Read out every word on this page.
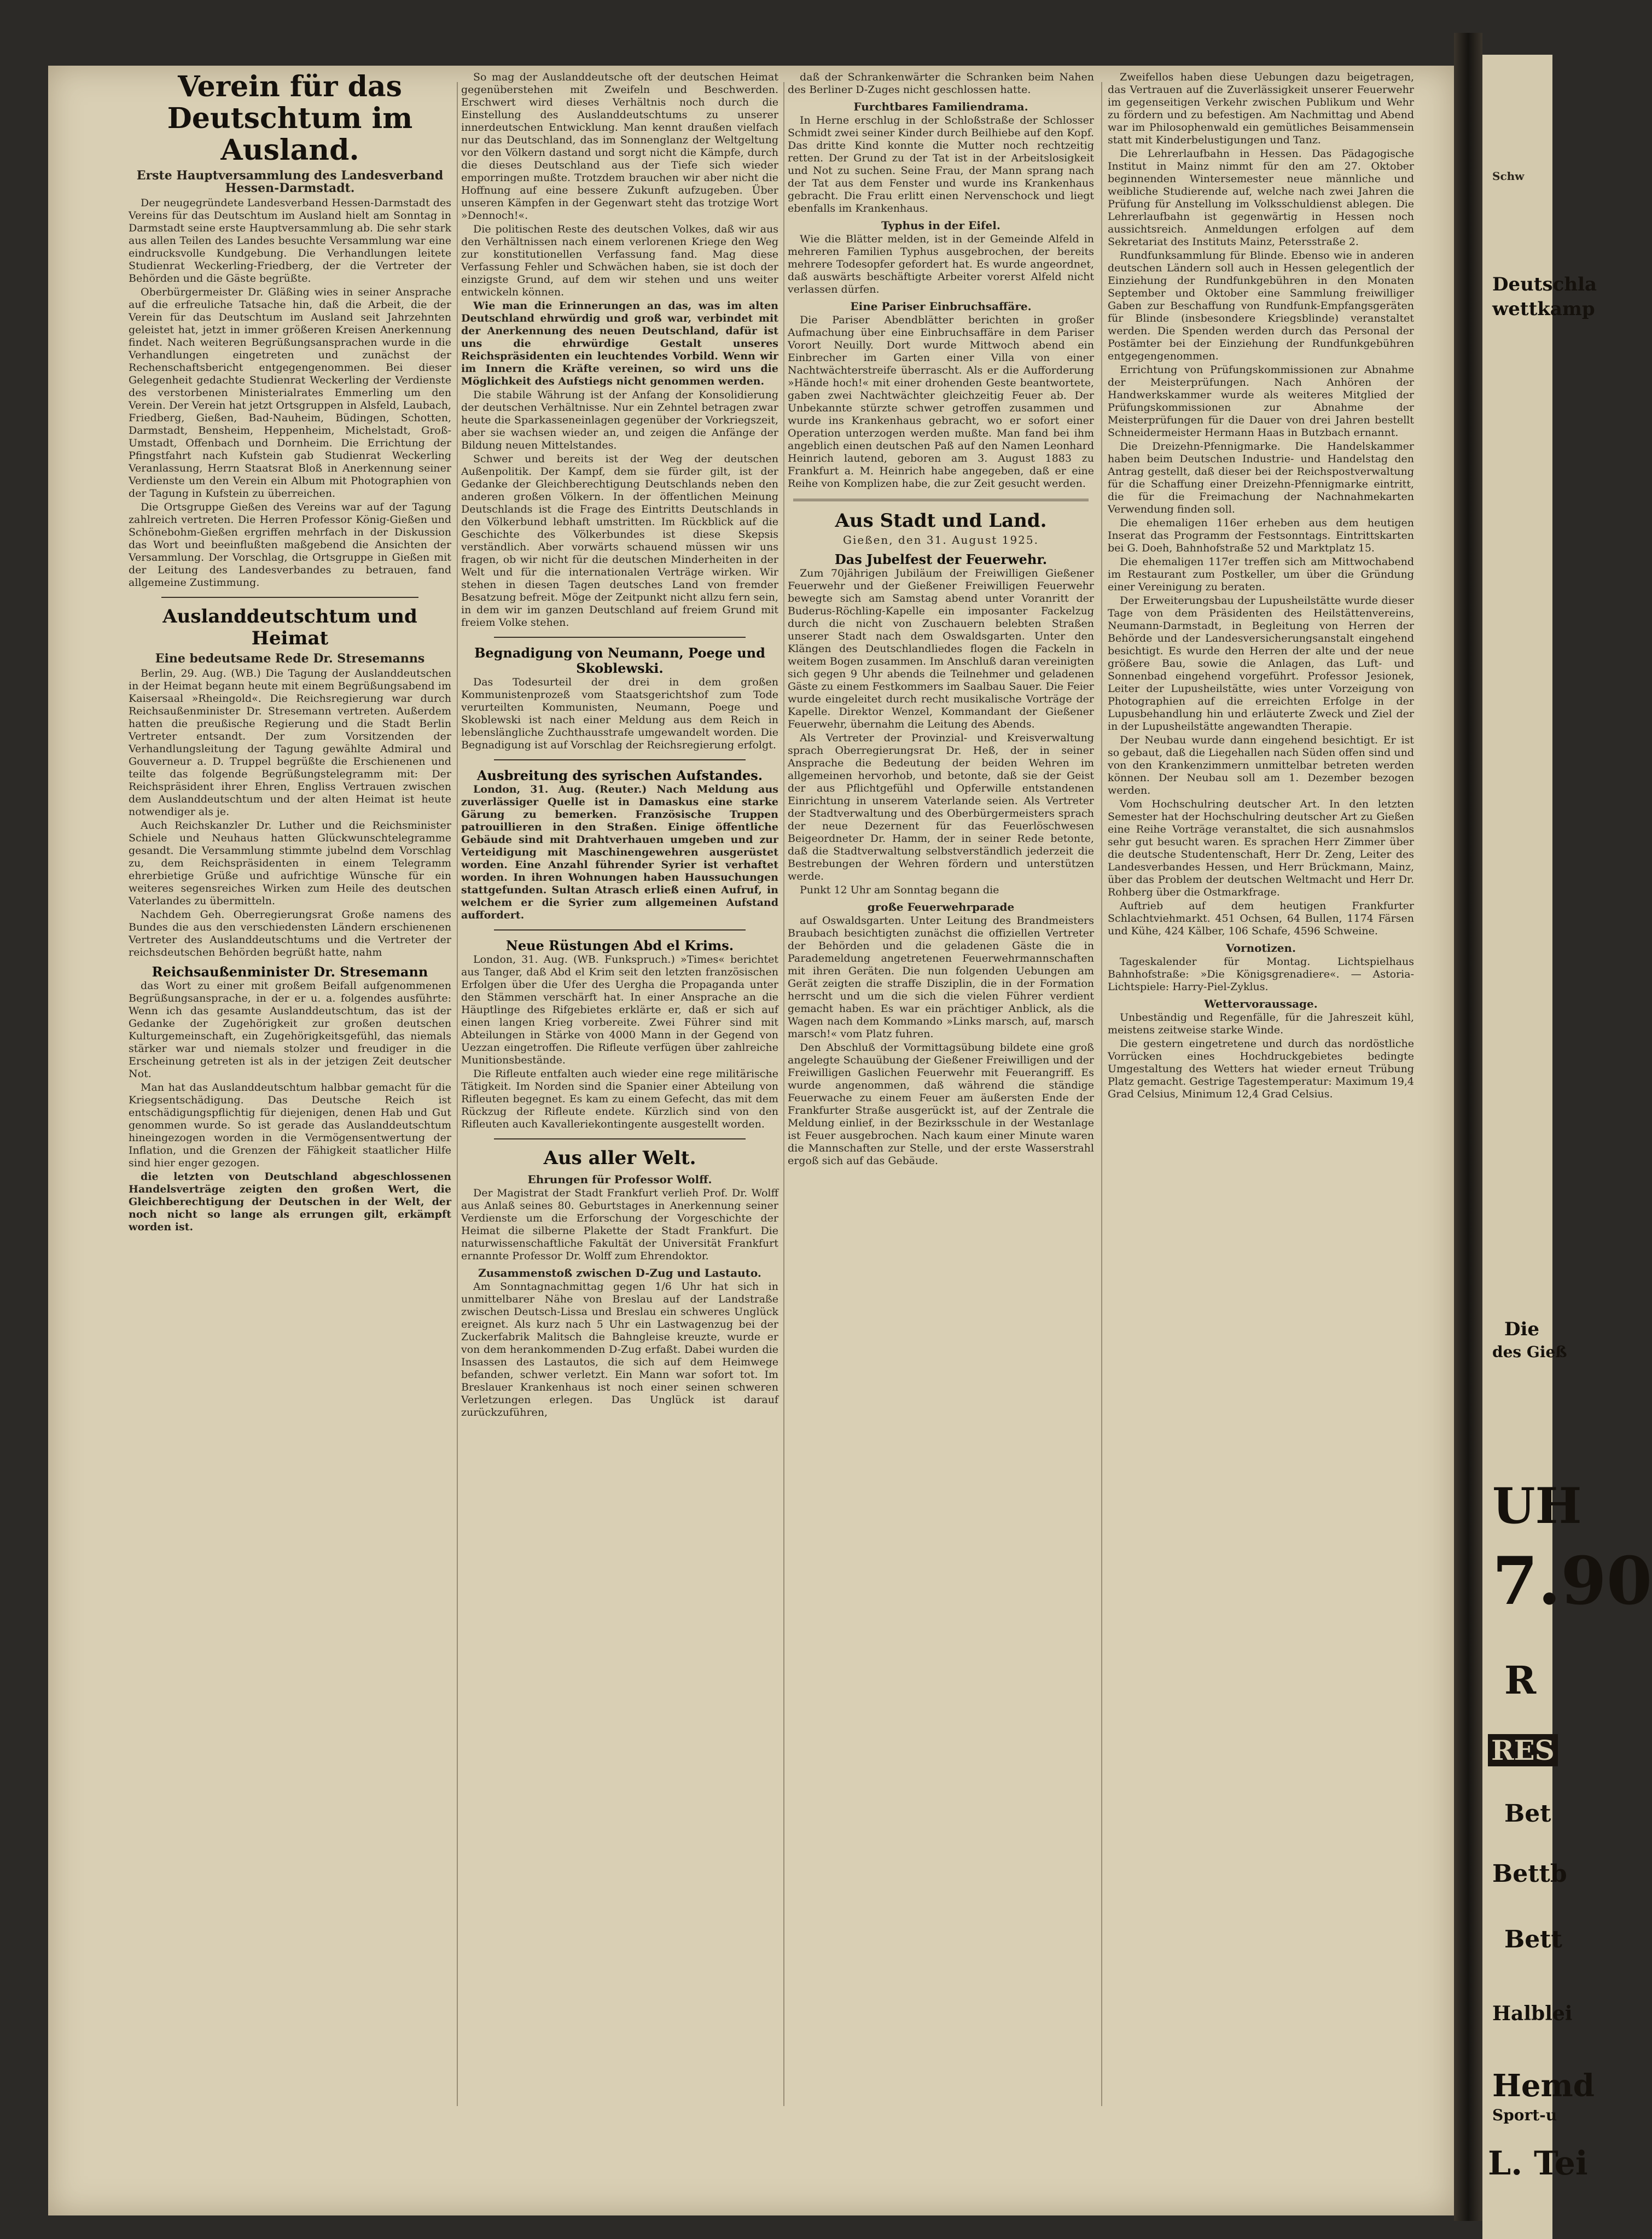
Verein für das Deutschtum im Ausland.
Erste Hauptversammlung des Landesverband Hessen-Darmstadt.

Der neugegründete Landesverband Hessen-Darmstadt des Vereins für das Deutschtum im Ausland hielt am Sonntag in Darmstadt seine erste Hauptversammlung ab. Die sehr stark aus allen Teilen des Landes besuchte Versammlung war eine eindrucksvolle Kundgebung. Die Verhandlungen leitete Studienrat Weckerling-Friedberg, der die Vertreter der Behörden und die Gäste begrüßte.

Oberbürgermeister Dr. Gläßing wies in seiner Ansprache auf die erfreuliche Tatsache hin, daß die Arbeit, die der Verein für das Deutschtum im Ausland seit Jahrzehnten geleistet hat, jetzt in immer größeren Kreisen Anerkennung findet. Nach weiteren Begrüßungsansprachen wurde in die Verhandlungen eingetreten und zunächst der Rechenschaftsbericht entgegengenommen. Bei dieser Gelegenheit gedachte Studienrat Weckerling der Verdienste des verstorbenen Ministerialrates Emmerling um den Verein. Der Verein hat jetzt Ortsgruppen in Alsfeld, Laubach, Friedberg, Gießen, Bad-Nauheim, Büdingen, Schotten, Darmstadt, Bensheim, Heppenheim, Michelstadt, Groß-Umstadt, Offenbach und Dornheim. Die Errichtung der Pfingstfahrt nach Kufstein gab Studienrat Weckerling Veranlassung, Herrn Staatsrat Bloß in Anerkennung seiner Verdienste um den Verein ein Album mit Photographien von der Tagung in Kufstein zu überreichen.

Die Ortsgruppe Gießen des Vereins war auf der Tagung zahlreich vertreten. Die Herren Professor König-Gießen und Schönebohm-Gießen ergriffen mehrfach in der Diskussion das Wort und beeinflußten maßgebend die Ansichten der Versammlung. Der Vorschlag, die Ortsgruppe in Gießen mit der Leitung des Landesverbandes zu betrauen, fand allgemeine Zustimmung.

Auslanddeutschtum und Heimat
Eine bedeutsame Rede Dr. Stresemanns

Berlin, 29. Aug. (WB.) Die Tagung der Auslanddeutschen in der Heimat begann heute mit einem Begrüßungsabend im Kaisersaal »Rheingold«. Die Reichsregierung war durch Reichsaußenminister Dr. Stresemann vertreten. Außerdem hatten die preußische Regierung und die Stadt Berlin Vertreter entsandt. Der zum Vorsitzenden der Verhandlungsleitung der Tagung gewählte Admiral und Gouverneur a. D. Truppel begrüßte die Erschienenen und teilte das folgende Begrüßungstelegramm mit: Der Reichspräsident ihrer Ehren, Engliss Vertrauen zwischen dem Auslanddeutschtum und der alten Heimat ist heute notwendiger als je.

Auch Reichskanzler Dr. Luther und die Reichsminister Schiele und Neuhaus hatten Glückwunschtelegramme gesandt. Die Versammlung stimmte jubelnd dem Vorschlag zu, dem Reichspräsidenten in einem Telegramm ehrerbietige Grüße und aufrichtige Wünsche für ein weiteres segensreiches Wirken zum Heile des deutschen Vaterlandes zu übermitteln.

Nachdem Geh. Oberregierungsrat Große namens des Bundes die aus den verschiedensten Ländern erschienenen Vertreter des Auslanddeutschtums und die Vertreter der reichsdeutschen Behörden begrüßt hatte, nahm

Reichsaußenminister Dr. Stresemann

das Wort zu einer mit großem Beifall aufgenommenen Begrüßungsansprache, in der er u. a. folgendes ausführte: Wenn ich das gesamte Auslanddeutschtum, das ist der Gedanke der Zugehörigkeit zur großen deutschen Kulturgemeinschaft, ein Zugehörigkeitsgefühl, das niemals stärker war und niemals stolzer und freudiger in die Erscheinung getreten ist als in der jetzigen Zeit deutscher Not.

Man hat das Auslanddeutschtum halbbar gemacht für die Kriegsentschädigung. Das Deutsche Reich ist entschädigungspflichtig für diejenigen, denen Hab und Gut genommen wurde. So ist gerade das Auslanddeutschtum hineingezogen worden in die Vermögensentwertung der Inflation, und die Grenzen der Fähigkeit staatlicher Hilfe sind hier enger gezogen.

die letzten von Deutschland abgeschlossenen Handelsverträge zeigten den großen Wert, die Gleichberechtigung der Deutschen in der Welt, der noch nicht so lange als errungen gilt, erkämpft worden ist.

So mag der Auslanddeutsche oft der deutschen Heimat gegenüberstehen mit Zweifeln und Beschwerden. Erschwert wird dieses Verhältnis noch durch die Einstellung des Auslanddeutschtums zu unserer innerdeutschen Entwicklung. Man kennt draußen vielfach nur das Deutschland, das im Sonnenglanz der Weltgeltung vor den Völkern dastand und sorgt nicht die Kämpfe, durch die dieses Deutschland aus der Tiefe sich wieder emporringen mußte. Trotzdem brauchen wir aber nicht die Hoffnung auf eine bessere Zukunft aufzugeben. Über unseren Kämpfen in der Gegenwart steht das trotzige Wort »Dennoch!«.

Die politischen Reste des deutschen Volkes, daß wir aus den Verhältnissen nach einem verlorenen Kriege den Weg zur konstitutionellen Verfassung fand. Mag diese Verfassung Fehler und Schwächen haben, sie ist doch der einzigste Grund, auf dem wir stehen und uns weiter entwickeln können.

Wie man die Erinnerungen an das, was im alten Deutschland ehrwürdig und groß war, verbindet mit der Anerkennung des neuen Deutschland, dafür ist uns die ehrwürdige Gestalt unseres Reichspräsidenten ein leuchtendes Vorbild. Wenn wir im Innern die Kräfte vereinen, so wird uns die Möglichkeit des Aufstiegs nicht genommen werden.

Die stabile Währung ist der Anfang der Konsolidierung der deutschen Verhältnisse. Nur ein Zehntel betragen zwar heute die Sparkasseneinlagen gegenüber der Vorkriegszeit, aber sie wachsen wieder an, und zeigen die Anfänge der Bildung neuen Mittelstandes.

Schwer und bereits ist der Weg der deutschen Außenpolitik. Der Kampf, dem sie fürder gilt, ist der Gedanke der Gleichberechtigung Deutschlands neben den anderen großen Völkern. In der öffentlichen Meinung Deutschlands ist die Frage des Eintritts Deutschlands in den Völkerbund lebhaft umstritten. Im Rückblick auf die Geschichte des Völkerbundes ist diese Skepsis verständlich. Aber vorwärts schauend müssen wir uns fragen, ob wir nicht für die deutschen Minderheiten in der Welt und für die internationalen Verträge wirken. Wir stehen in diesen Tagen deutsches Land von fremder Besatzung befreit. Möge der Zeitpunkt nicht allzu fern sein, in dem wir im ganzen Deutschland auf freiem Grund mit freiem Volke stehen.

Begnadigung von Neumann, Poege und Skoblewski.

Das Todesurteil der drei in dem großen Kommunistenprozeß vom Staatsgerichtshof zum Tode verurteilten Kommunisten, Neumann, Poege und Skoblewski ist nach einer Meldung aus dem Reich in lebenslängliche Zuchthausstrafe umgewandelt worden. Die Begnadigung ist auf Vorschlag der Reichsregierung erfolgt.

Ausbreitung des syrischen Aufstandes.

London, 31. Aug. (Reuter.) Nach Meldung aus zuverlässiger Quelle ist in Damaskus eine starke Gärung zu bemerken. Französische Truppen patrouillieren in den Straßen. Einige öffentliche Gebäude sind mit Drahtverhauen umgeben und zur Verteidigung mit Maschinengewehren ausgerüstet worden. Eine Anzahl führender Syrier ist verhaftet worden. In ihren Wohnungen haben Haussuchungen stattgefunden. Sultan Atrasch erließ einen Aufruf, in welchem er die Syrier zum allgemeinen Aufstand auffordert.

Neue Rüstungen Abd el Krims.

London, 31. Aug. (WB. Funkspruch.) »Times« berichtet aus Tanger, daß Abd el Krim seit den letzten französischen Erfolgen über die Ufer des Uergha die Propaganda unter den Stämmen verschärft hat. In einer Ansprache an die Häuptlinge des Rifgebietes erklärte er, daß er sich auf einen langen Krieg vorbereite. Zwei Führer sind mit Abteilungen in Stärke von 4000 Mann in der Gegend von Uezzan eingetroffen. Die Rifleute verfügen über zahlreiche Munitionsbestände.

Die Rifleute entfalten auch wieder eine rege militärische Tätigkeit. Im Norden sind die Spanier einer Abteilung von Rifleuten begegnet. Es kam zu einem Gefecht, das mit dem Rückzug der Rifleute endete. Kürzlich sind von den Rifleuten auch Kavalleriekontingente ausgestellt worden.

Aus aller Welt.
Ehrungen für Professor Wolff.

Der Magistrat der Stadt Frankfurt verlieh Prof. Dr. Wolff aus Anlaß seines 80. Geburtstages in Anerkennung seiner Verdienste um die Erforschung der Vorgeschichte der Heimat die silberne Plakette der Stadt Frankfurt. Die naturwissenschaftliche Fakultät der Universität Frankfurt ernannte Professor Dr. Wolff zum Ehrendoktor.

Zusammenstoß zwischen D-Zug und Lastauto.

Am Sonntagnachmittag gegen 1/6 Uhr hat sich in unmittelbarer Nähe von Breslau auf der Landstraße zwischen Deutsch-Lissa und Breslau ein schweres Unglück ereignet. Als kurz nach 5 Uhr ein Lastwagenzug bei der Zuckerfabrik Malitsch die Bahngleise kreuzte, wurde er von dem herankommenden D-Zug erfaßt. Dabei wurden die Insassen des Lastautos, die sich auf dem Heimwege befanden, schwer verletzt. Ein Mann war sofort tot. Im Breslauer Krankenhaus ist noch einer seinen schweren Verletzungen erlegen. Das Unglück ist darauf zurückzuführen,

daß der Schrankenwärter die Schranken beim Nahen des Berliner D-Zuges nicht geschlossen hatte.

Furchtbares Familiendrama.

In Herne erschlug in der Schloßstraße der Schlosser Schmidt zwei seiner Kinder durch Beilhiebe auf den Kopf. Das dritte Kind konnte die Mutter noch rechtzeitig retten. Der Grund zu der Tat ist in der Arbeitslosigkeit und Not zu suchen. Seine Frau, der Mann sprang nach der Tat aus dem Fenster und wurde ins Krankenhaus gebracht. Die Frau erlitt einen Nervenschock und liegt ebenfalls im Krankenhaus.

Typhus in der Eifel.

Wie die Blätter melden, ist in der Gemeinde Alfeld in mehreren Familien Typhus ausgebrochen, der bereits mehrere Todesopfer gefordert hat. Es wurde angeordnet, daß auswärts beschäftigte Arbeiter vorerst Alfeld nicht verlassen dürfen.

Eine Pariser Einbruchsaffäre.

Die Pariser Abendblätter berichten in großer Aufmachung über eine Einbruchsaffäre in dem Pariser Vorort Neuilly. Dort wurde Mittwoch abend ein Einbrecher im Garten einer Villa von einer Nachtwächterstreife überrascht. Als er die Aufforderung »Hände hoch!« mit einer drohenden Geste beantwortete, gaben zwei Nachtwächter gleichzeitig Feuer ab. Der Unbekannte stürzte schwer getroffen zusammen und wurde ins Krankenhaus gebracht, wo er sofort einer Operation unterzogen werden mußte. Man fand bei ihm angeblich einen deutschen Paß auf den Namen Leonhard Heinrich lautend, geboren am 3. August 1883 zu Frankfurt a. M. Heinrich habe angegeben, daß er eine Reihe von Komplizen habe, die zur Zeit gesucht werden.

Aus Stadt und Land.
Gießen, den 31. August 1925.
Das Jubelfest der Feuerwehr.

Zum 70jährigen Jubiläum der Freiwilligen Gießener Feuerwehr und der Gießener Freiwilligen Feuerwehr bewegte sich am Samstag abend unter Voranritt der Buderus-Röchling-Kapelle ein imposanter Fackelzug durch die nicht von Zuschauern belebten Straßen unserer Stadt nach dem Oswaldsgarten. Unter den Klängen des Deutschlandliedes flogen die Fackeln in weitem Bogen zusammen. Im Anschluß daran vereinigten sich gegen 9 Uhr abends die Teilnehmer und geladenen Gäste zu einem Festkommers im Saalbau Sauer. Die Feier wurde eingeleitet durch recht musikalische Vorträge der Kapelle. Direktor Wenzel, Kommandant der Gießener Feuerwehr, übernahm die Leitung des Abends.

Als Vertreter der Provinzial- und Kreisverwaltung sprach Oberregierungsrat Dr. Heß, der in seiner Ansprache die Bedeutung der beiden Wehren im allgemeinen hervorhob, und betonte, daß sie der Geist der aus Pflichtgefühl und Opferwille entstandenen Einrichtung in unserem Vaterlande seien. Als Vertreter der Stadtverwaltung und des Oberbürgermeisters sprach der neue Dezernent für das Feuerlöschwesen Beigeordneter Dr. Hamm, der in seiner Rede betonte, daß die Stadtverwaltung selbstverständlich jederzeit die Bestrebungen der Wehren fördern und unterstützen werde.

Punkt 12 Uhr am Sonntag begann die

große Feuerwehrparade

auf Oswaldsgarten. Unter Leitung des Brandmeisters Braubach besichtigten zunächst die offiziellen Vertreter der Behörden und die geladenen Gäste die in Parademeldung angetretenen Feuerwehrmannschaften mit ihren Geräten. Die nun folgenden Uebungen am Gerät zeigten die straffe Disziplin, die in der Formation herrscht und um die sich die vielen Führer verdient gemacht haben. Es war ein prächtiger Anblick, als die Wagen nach dem Kommando »Links marsch, auf, marsch marsch!« vom Platz fuhren.

Den Abschluß der Vormittagsübung bildete eine groß angelegte Schauübung der Gießener Freiwilligen und der Freiwilligen Gaslichen Feuerwehr mit Feuerangriff. Es wurde angenommen, daß während die ständige Feuerwache zu einem Feuer am äußersten Ende der Frankfurter Straße ausgerückt ist, auf der Zentrale die Meldung einlief, in der Bezirksschule in der Westanlage ist Feuer ausgebrochen. Nach kaum einer Minute waren die Mannschaften zur Stelle, und der erste Wasserstrahl ergoß sich auf das Gebäude.

Zweifellos haben diese Uebungen dazu beigetragen, das Vertrauen auf die Zuverlässigkeit unserer Feuerwehr im gegenseitigen Verkehr zwischen Publikum und Wehr zu fördern und zu befestigen. Am Nachmittag und Abend war im Philosophenwald ein gemütliches Beisammensein statt mit Kinderbelustigungen und Tanz.

Die Lehrerlaufbahn in Hessen. Das Pädagogische Institut in Mainz nimmt für den am 27. Oktober beginnenden Wintersemester neue männliche und weibliche Studierende auf, welche nach zwei Jahren die Prüfung für Anstellung im Volksschuldienst ablegen. Die Lehrerlaufbahn ist gegenwärtig in Hessen noch aussichtsreich. Anmeldungen erfolgen auf dem Sekretariat des Instituts Mainz, Petersstraße 2.

Rundfunksammlung für Blinde. Ebenso wie in anderen deutschen Ländern soll auch in Hessen gelegentlich der Einziehung der Rundfunkgebühren in den Monaten September und Oktober eine Sammlung freiwilliger Gaben zur Beschaffung von Rundfunk-Empfangsgeräten für Blinde (insbesondere Kriegsblinde) veranstaltet werden. Die Spenden werden durch das Personal der Postämter bei der Einziehung der Rundfunkgebühren entgegengenommen.

Errichtung von Prüfungskommissionen zur Abnahme der Meisterprüfungen. Nach Anhören der Handwerkskammer wurde als weiteres Mitglied der Prüfungskommissionen zur Abnahme der Meisterprüfungen für die Dauer von drei Jahren bestellt Schneidermeister Hermann Haas in Butzbach ernannt.

Die Dreizehn-Pfennigmarke. Die Handelskammer haben beim Deutschen Industrie- und Handelstag den Antrag gestellt, daß dieser bei der Reichspostverwaltung für die Schaffung einer Dreizehn-Pfennigmarke eintritt, die für die Freimachung der Nachnahmekarten Verwendung finden soll.

Die ehemaligen 116er erheben aus dem heutigen Inserat das Programm der Festsonntags. Eintrittskarten bei G. Doeh, Bahnhofstraße 52 und Marktplatz 15.

Die ehemaligen 117er treffen sich am Mittwochabend im Restaurant zum Postkeller, um über die Gründung einer Vereinigung zu beraten.

Der Erweiterungsbau der Lupusheilstätte wurde dieser Tage von dem Präsidenten des Heilstättenvereins, Neumann-Darmstadt, in Begleitung von Herren der Behörde und der Landesversicherungsanstalt eingehend besichtigt. Es wurde den Herren der alte und der neue größere Bau, sowie die Anlagen, das Luft- und Sonnenbad eingehend vorgeführt. Professor Jesionek, Leiter der Lupusheilstätte, wies unter Vorzeigung von Photographien auf die erreichten Erfolge in der Lupusbehandlung hin und erläuterte Zweck und Ziel der in der Lupusheilstätte angewandten Therapie.

Der Neubau wurde dann eingehend besichtigt. Er ist so gebaut, daß die Liegehallen nach Süden offen sind und von den Krankenzimmern unmittelbar betreten werden können. Der Neubau soll am 1. Dezember bezogen werden.

Vom Hochschulring deutscher Art. In den letzten Semester hat der Hochschulring deutscher Art zu Gießen eine Reihe Vorträge veranstaltet, die sich ausnahmslos sehr gut besucht waren. Es sprachen Herr Zimmer über die deutsche Studentenschaft, Herr Dr. Zeng, Leiter des Landesverbandes Hessen, und Herr Brückmann, Mainz, über das Problem der deutschen Weltmacht und Herr Dr. Rohberg über die Ostmarkfrage.

Auftrieb auf dem heutigen Frankfurter Schlachtviehmarkt. 451 Ochsen, 64 Bullen, 1174 Färsen und Kühe, 424 Kälber, 106 Schafe, 4596 Schweine.

Vornotizen.

Tageskalender für Montag. Lichtspielhaus Bahnhofstraße: »Die Königsgrenadiere«. — Astoria-Lichtspiele: Harry-Piel-Zyklus.

Wettervoraussage.

Unbeständig und Regenfälle, für die Jahreszeit kühl, meistens zeitweise starke Winde.

Die gestern eingetretene und durch das nordöstliche Vorrücken eines Hochdruckgebietes bedingte Umgestaltung des Wetters hat wieder erneut Trübung Platz gemacht. Gestrige Tagestemperatur: Maximum 19,4 Grad Celsius, Minimum 12,4 Grad Celsius.

Schw
Deutschla
wettkamp
Die
des Gieß
UH
7.90
R
RES
Bet
Bettb
Bett
Halblei
Hemd
Sport-u
L. Tei
